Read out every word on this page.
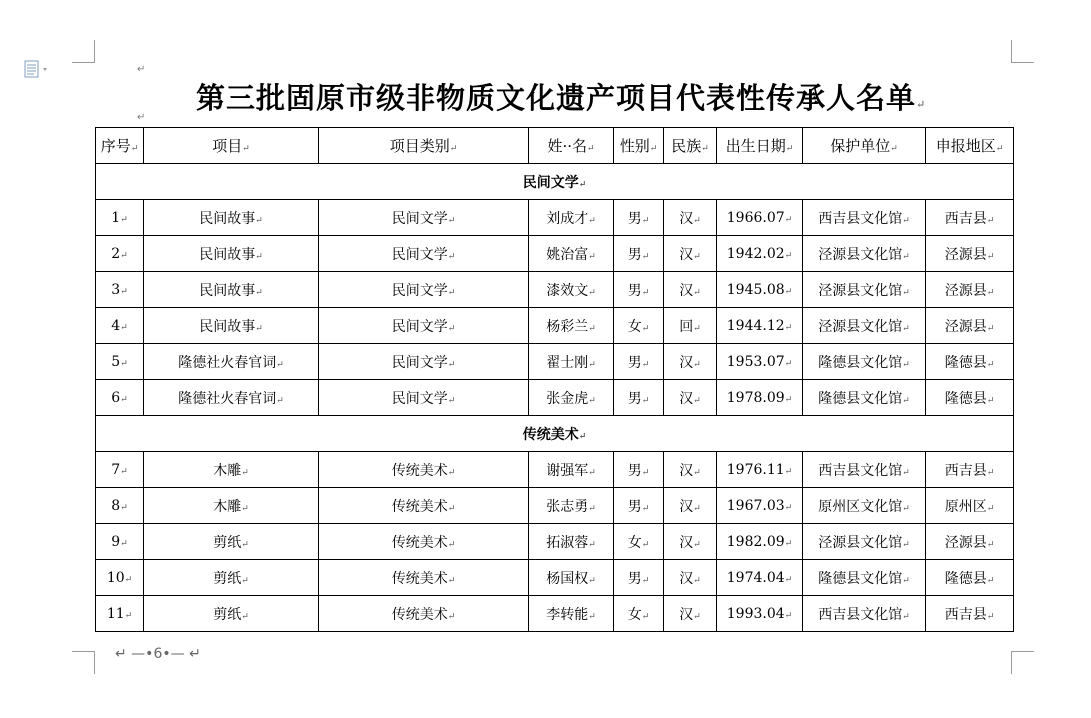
↵
↵
第三批固原市级非物质文化遗产项目代表性传承人名单↵
序号↵	项目↵	项目类别↵	姓··名↵	性别↵	民族↵	出生日期↵	保护单位↵	申报地区↵
民间文学↵								
1↵	民间故事↵	民间文学↵	刘成才↵	男↵	汉↵	1966.07↵	西吉县文化馆↵	西吉县↵
2↵	民间故事↵	民间文学↵	姚治富↵	男↵	汉↵	1942.02↵	泾源县文化馆↵	泾源县↵
3↵	民间故事↵	民间文学↵	漆效文↵	男↵	汉↵	1945.08↵	泾源县文化馆↵	泾源县↵
4↵	民间故事↵	民间文学↵	杨彩兰↵	女↵	回↵	1944.12↵	泾源县文化馆↵	泾源县↵
5↵	隆德社火春官词↵	民间文学↵	翟士刚↵	男↵	汉↵	1953.07↵	隆德县文化馆↵	隆德县↵
6↵	隆德社火春官词↵	民间文学↵	张金虎↵	男↵	汉↵	1978.09↵	隆德县文化馆↵	隆德县↵
传统美术↵								
7↵	木雕↵	传统美术↵	谢强军↵	男↵	汉↵	1976.11↵	西吉县文化馆↵	西吉县↵
8↵	木雕↵	传统美术↵	张志勇↵	男↵	汉↵	1967.03↵	原州区文化馆↵	原州区↵
9↵	剪纸↵	传统美术↵	拓淑蓉↵	女↵	汉↵	1982.09↵	泾源县文化馆↵	泾源县↵
10↵	剪纸↵	传统美术↵	杨国权↵	男↵	汉↵	1974.04↵	隆德县文化馆↵	隆德县↵
11↵	剪纸↵	传统美术↵	李转能↵	女↵	汉↵	1993.04↵	西吉县文化馆↵	西吉县↵
↵ —•6•— ↵
